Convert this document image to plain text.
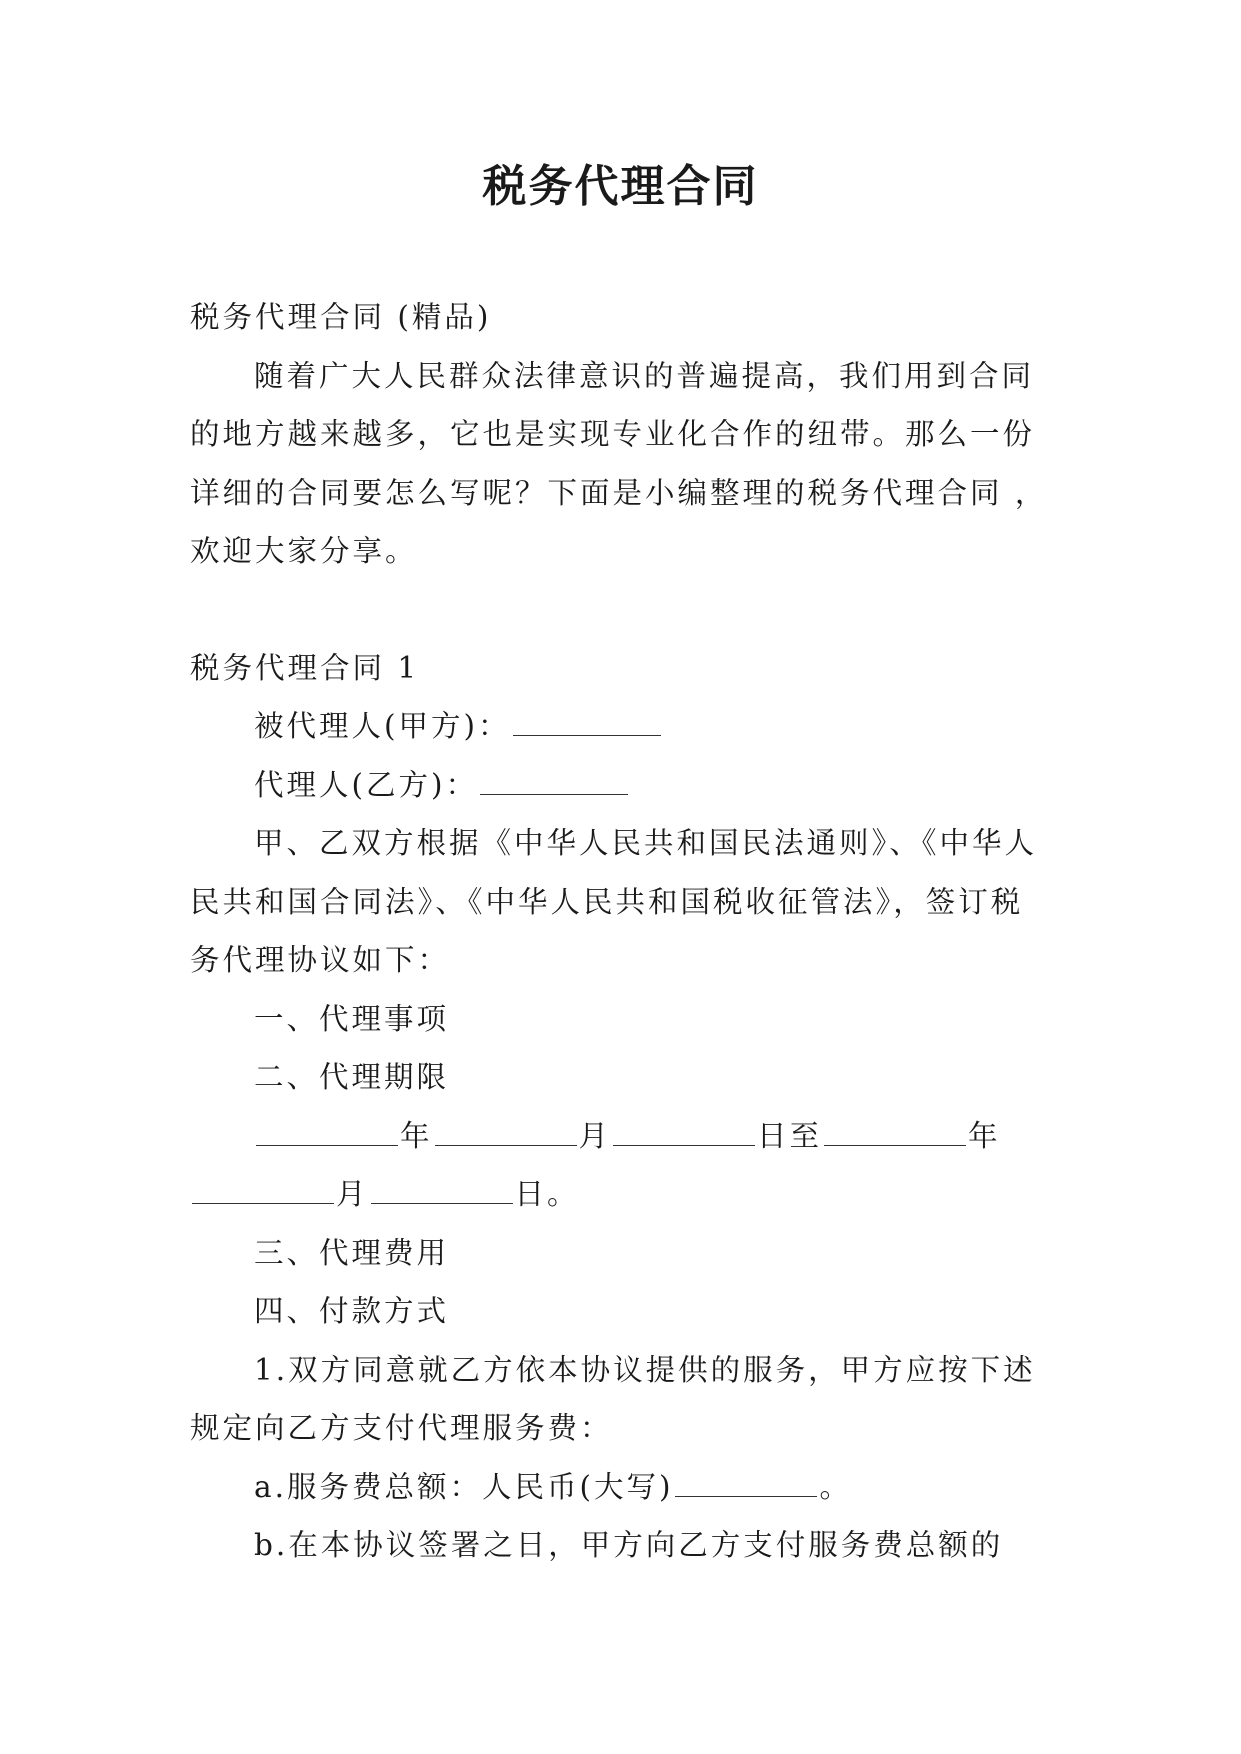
税务代理合同

税务代理合同 (精品)

随着广大人民群众法律意识的普遍提高，我们用到合同

的地方越来越多，它也是实现专业化合作的纽带。那么一份

详细的合同要怎么写呢？下面是小编整理的税务代理合同 ，

欢迎大家分享。

税务代理合同 1

被代理人(甲方)：

代理人(乙方)：

甲、乙双方根据《中华人民共和国民法通则》、《中华人

民共和国合同法》、《中华人民共和国税收征管法》，签订税

务代理协议如下：

一、代理事项

二、代理期限

年	月	日至	年

月	日。

三、代理费用

四、付款方式

1.双方同意就乙方依本协议提供的服务，甲方应按下述

规定向乙方支付代理服务费：

a.服务费总额：人民币(大写)	。

b.在本协议签署之日，甲方向乙方支付服务费总额的
